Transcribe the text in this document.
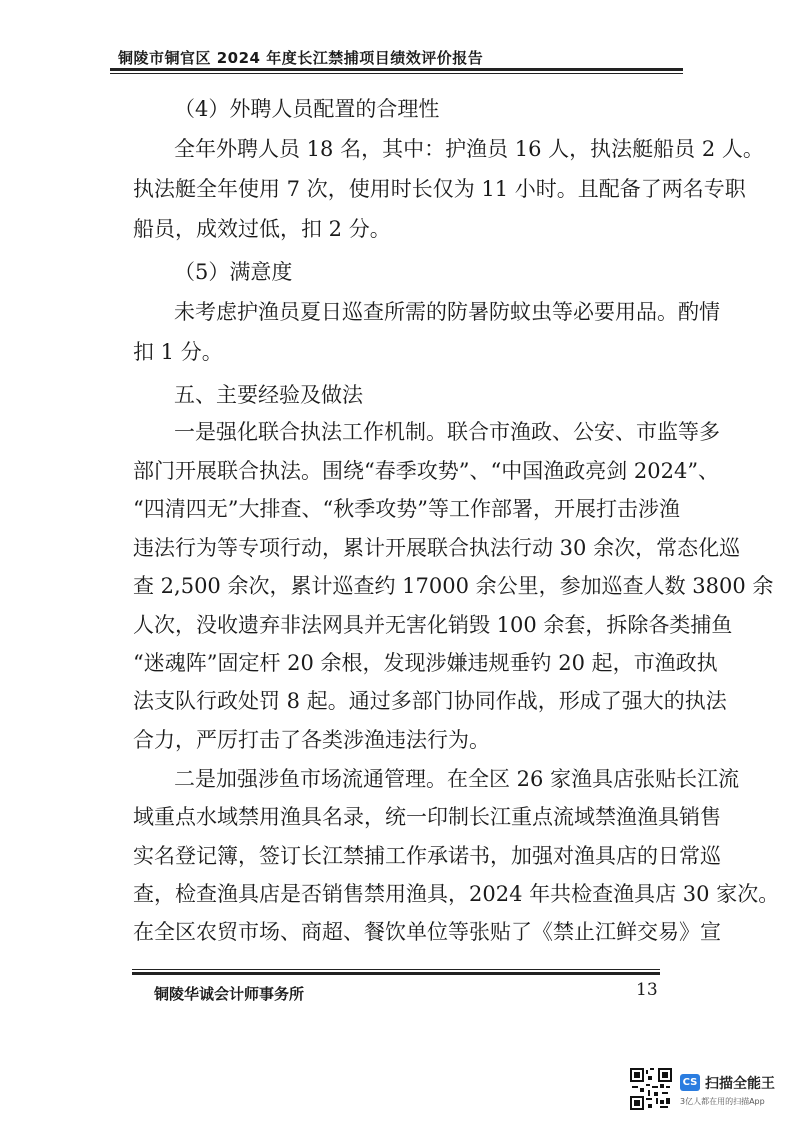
铜陵市铜官区 2024 年度长江禁捕项目绩效评价报告
（4）外聘人员配置的合理性
全年外聘人员 18 名，其中：护渔员 16 人，执法艇船员 2 人。
执法艇全年使用 7 次，使用时长仅为 11 小时。且配备了两名专职
船员，成效过低，扣 2 分。
（5）满意度
未考虑护渔员夏日巡查所需的防暑防蚊虫等必要用品。酌情
扣 1 分。
五、主要经验及做法
一是强化联合执法工作机制。联合市渔政、公安、市监等多
部门开展联合执法。围绕“春季攻势”、“中国渔政亮剑 2024”、
“四清四无”大排查、“秋季攻势”等工作部署，开展打击涉渔
违法行为等专项行动，累计开展联合执法行动 30 余次，常态化巡
查 2,500 余次，累计巡查约 17000 余公里，参加巡查人数 3800 余
人次，没收遗弃非法网具并无害化销毁 100 余套，拆除各类捕鱼
“迷魂阵”固定杆 20 余根，发现涉嫌违规垂钓 20 起，市渔政执
法支队行政处罚 8 起。通过多部门协同作战，形成了强大的执法
合力，严厉打击了各类涉渔违法行为。
二是加强涉鱼市场流通管理。在全区 26 家渔具店张贴长江流
域重点水域禁用渔具名录，统一印制长江重点流域禁渔渔具销售
实名登记簿，签订长江禁捕工作承诺书，加强对渔具店的日常巡
查，检查渔具店是否销售禁用渔具，2024 年共检查渔具店 30 家次。
在全区农贸市场、商超、餐饮单位等张贴了《禁止江鲜交易》宣
铜陵华诚会计师事务所	13
CS 扫描全能王
3亿人都在用的扫描App
